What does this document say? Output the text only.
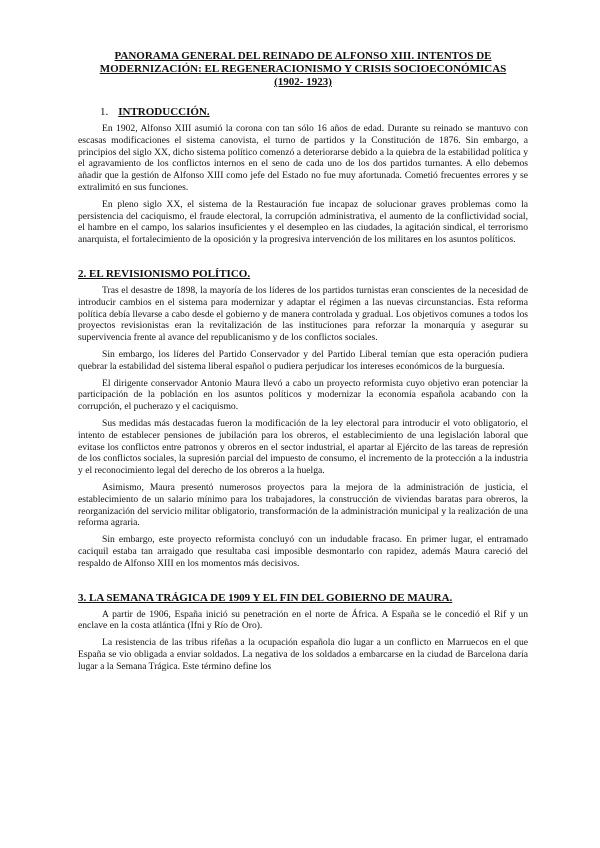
PANORAMA GENERAL DEL REINADO DE ALFONSO XIII. INTENTOS DE
MODERNIZACIÓN: EL REGENERACIONISMO Y CRISIS SOCIOECONÓMICAS
(1902- 1923)
1. INTRODUCCIÓN.

En 1902, Alfonso XIII asumió la corona con tan sólo 16 años de edad. Durante su reinado se mantuvo con escasas modificaciones el sistema canovista, el turno de partidos y la Constitución de 1876. Sin embargo, a principios del siglo XX, dicho sistema político comenzó a deteriorarse debido a la quiebra de la estabilidad política y el agravamiento de los conflictos internos en el seno de cada uno de los dos partidos turnantes. A ello debemos añadir que la gestión de Alfonso XIII como jefe del Estado no fue muy afortunada. Cometió frecuentes errores y se extralimitó en sus funciones.

En pleno siglo XX, el sistema de la Restauración fue incapaz de solucionar graves problemas como la persistencia del caciquismo, el fraude electoral, la corrupción administrativa, el aumento de la conflictividad social, el hambre en el campo, los salarios insuficientes y el desempleo en las ciudades, la agitación sindical, el terrorismo anarquista, el fortalecimiento de la oposición y la progresiva intervención de los militares en los asuntos políticos.

2. EL REVISIONISMO POLÍTICO.

Tras el desastre de 1898, la mayoría de los líderes de los partidos turnistas eran conscientes de la necesidad de introducir cambios en el sistema para modernizar y adaptar el régimen a las nuevas circunstancias. Esta reforma política debía llevarse a cabo desde el gobierno y de manera controlada y gradual. Los objetivos comunes a todos los proyectos revisionistas eran la revitalización de las instituciones para reforzar la monarquía y asegurar su supervivencia frente al avance del republicanismo y de los conflictos sociales.

Sin embargo, los líderes del Partido Conservador y del Partido Liberal temían que esta operación pudiera quebrar la estabilidad del sistema liberal español o pudiera perjudicar los intereses económicos de la burguesía.

El dirigente conservador Antonio Maura llevó a cabo un proyecto reformista cuyo objetivo eran potenciar la participación de la población en los asuntos políticos y modernizar la economía española acabando con la corrupción, el pucherazo y el caciquismo.

Sus medidas más destacadas fueron la modificación de la ley electoral para introducir el voto obligatorio, el intento de establecer pensiones de jubilación para los obreros, el establecimiento de una legislación laboral que evitase los conflictos entre patronos y obreros en el sector industrial, el apartar al Ejército de las tareas de represión de los conflictos sociales, la supresión parcial del impuesto de consumo, el incremento de la protección a la industria y el reconocimiento legal del derecho de los obreros a la huelga.

Asimismo, Maura presentó numerosos proyectos para la mejora de la administración de justicia, el establecimiento de un salario mínimo para los trabajadores, la construcción de viviendas baratas para obreros, la reorganización del servicio militar obligatorio, transformación de la administración municipal y la realización de una reforma agraria.

Sin embargo, este proyecto reformista concluyó con un indudable fracaso. En primer lugar, el entramado caciquil estaba tan arraigado que resultaba casi imposible desmontarlo con rapidez, además Maura careció del respaldo de Alfonso XIII en los momentos más decisivos.

3. LA SEMANA TRÁGICA DE 1909 Y EL FIN DEL GOBIERNO DE MAURA.

A partir de 1906, España inició su penetración en el norte de África. A España se le concedió el Rif y un enclave en la costa atlántica (Ifni y Río de Oro).

La resistencia de las tribus rifeñas a la ocupación española dio lugar a un conflicto en Marruecos en el que España se vio obligada a enviar soldados. La negativa de los soldados a embarcarse en la ciudad de Barcelona daría lugar a la Semana Trágica. Este término define los
